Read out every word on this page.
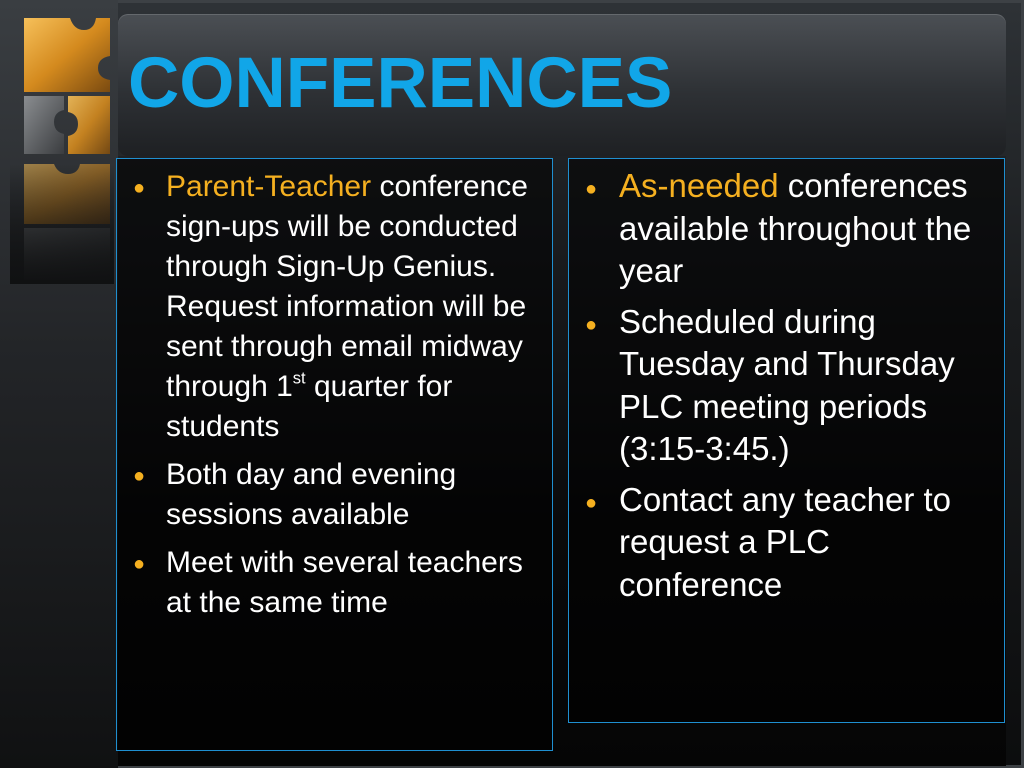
CONFERENCES
● Parent-Teacher conference sign-ups will be conducted through Sign-Up Genius. Request information will be sent through email midway through 1st quarter for students
● Both day and evening sessions available
● Meet with several teachers at the same time
● As-needed conferences available throughout the year
● Scheduled during Tuesday and Thursday PLC meeting periods (3:15-3:45.)
● Contact any teacher to request a PLC conference
